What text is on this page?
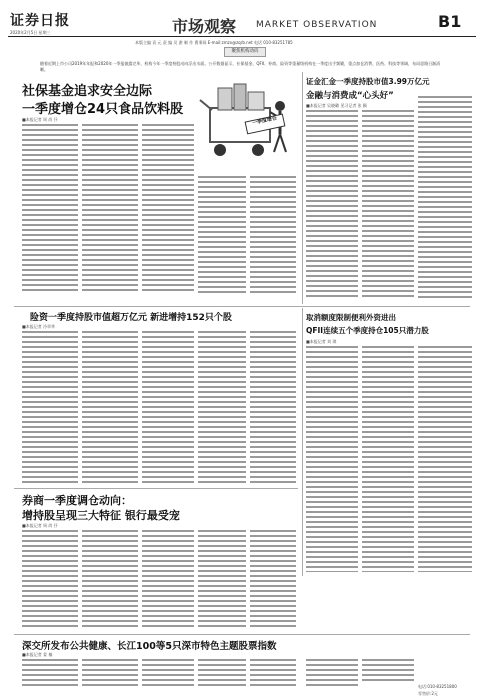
证券日报
2020年2月5日 星期三	市场观察 MARKET OBSERVATION	B1
本版主编 袁 元 责 编 吴 澍 制 作 曹秉琛 E-mail:zmzx@zqrb.net 电话 010-83251785
聚焦机构动向
随着近期上市公司2019年年报和2020年一季报披露完毕，机构今年一季度持股动向浮出水面。公开数据显示，社保基金、QFII、券商、险资等重量级机构在一季度出手频繁，重点加仓消费、医药、科技等领域，布局思路日渐清晰。
社保基金追求安全边际
一季度增仓24只食品饮料股
■本报记者 周 尚 伃	一季度增仓
证金汇金一季度持股市值3.99万亿元
金融与消费成“心头好”
■本报记者 吴晓璐 见习记者 张 颖
险资一季度持股市值超万亿元 新进增持152只个股
■本报记者 冷翠华
取消额度限制便利外资进出
QFII连续五个季度持仓105只潜力股
■本报记者 刘 琪
券商一季度调仓动向：
增持股呈现三大特征 银行最受宠
■本报记者 周 尚 伃
深交所发布公共健康、长江100等5只深市特色主题股票指数
■本报记者 姜 楠
电话:010-83251800
零售价:2元
